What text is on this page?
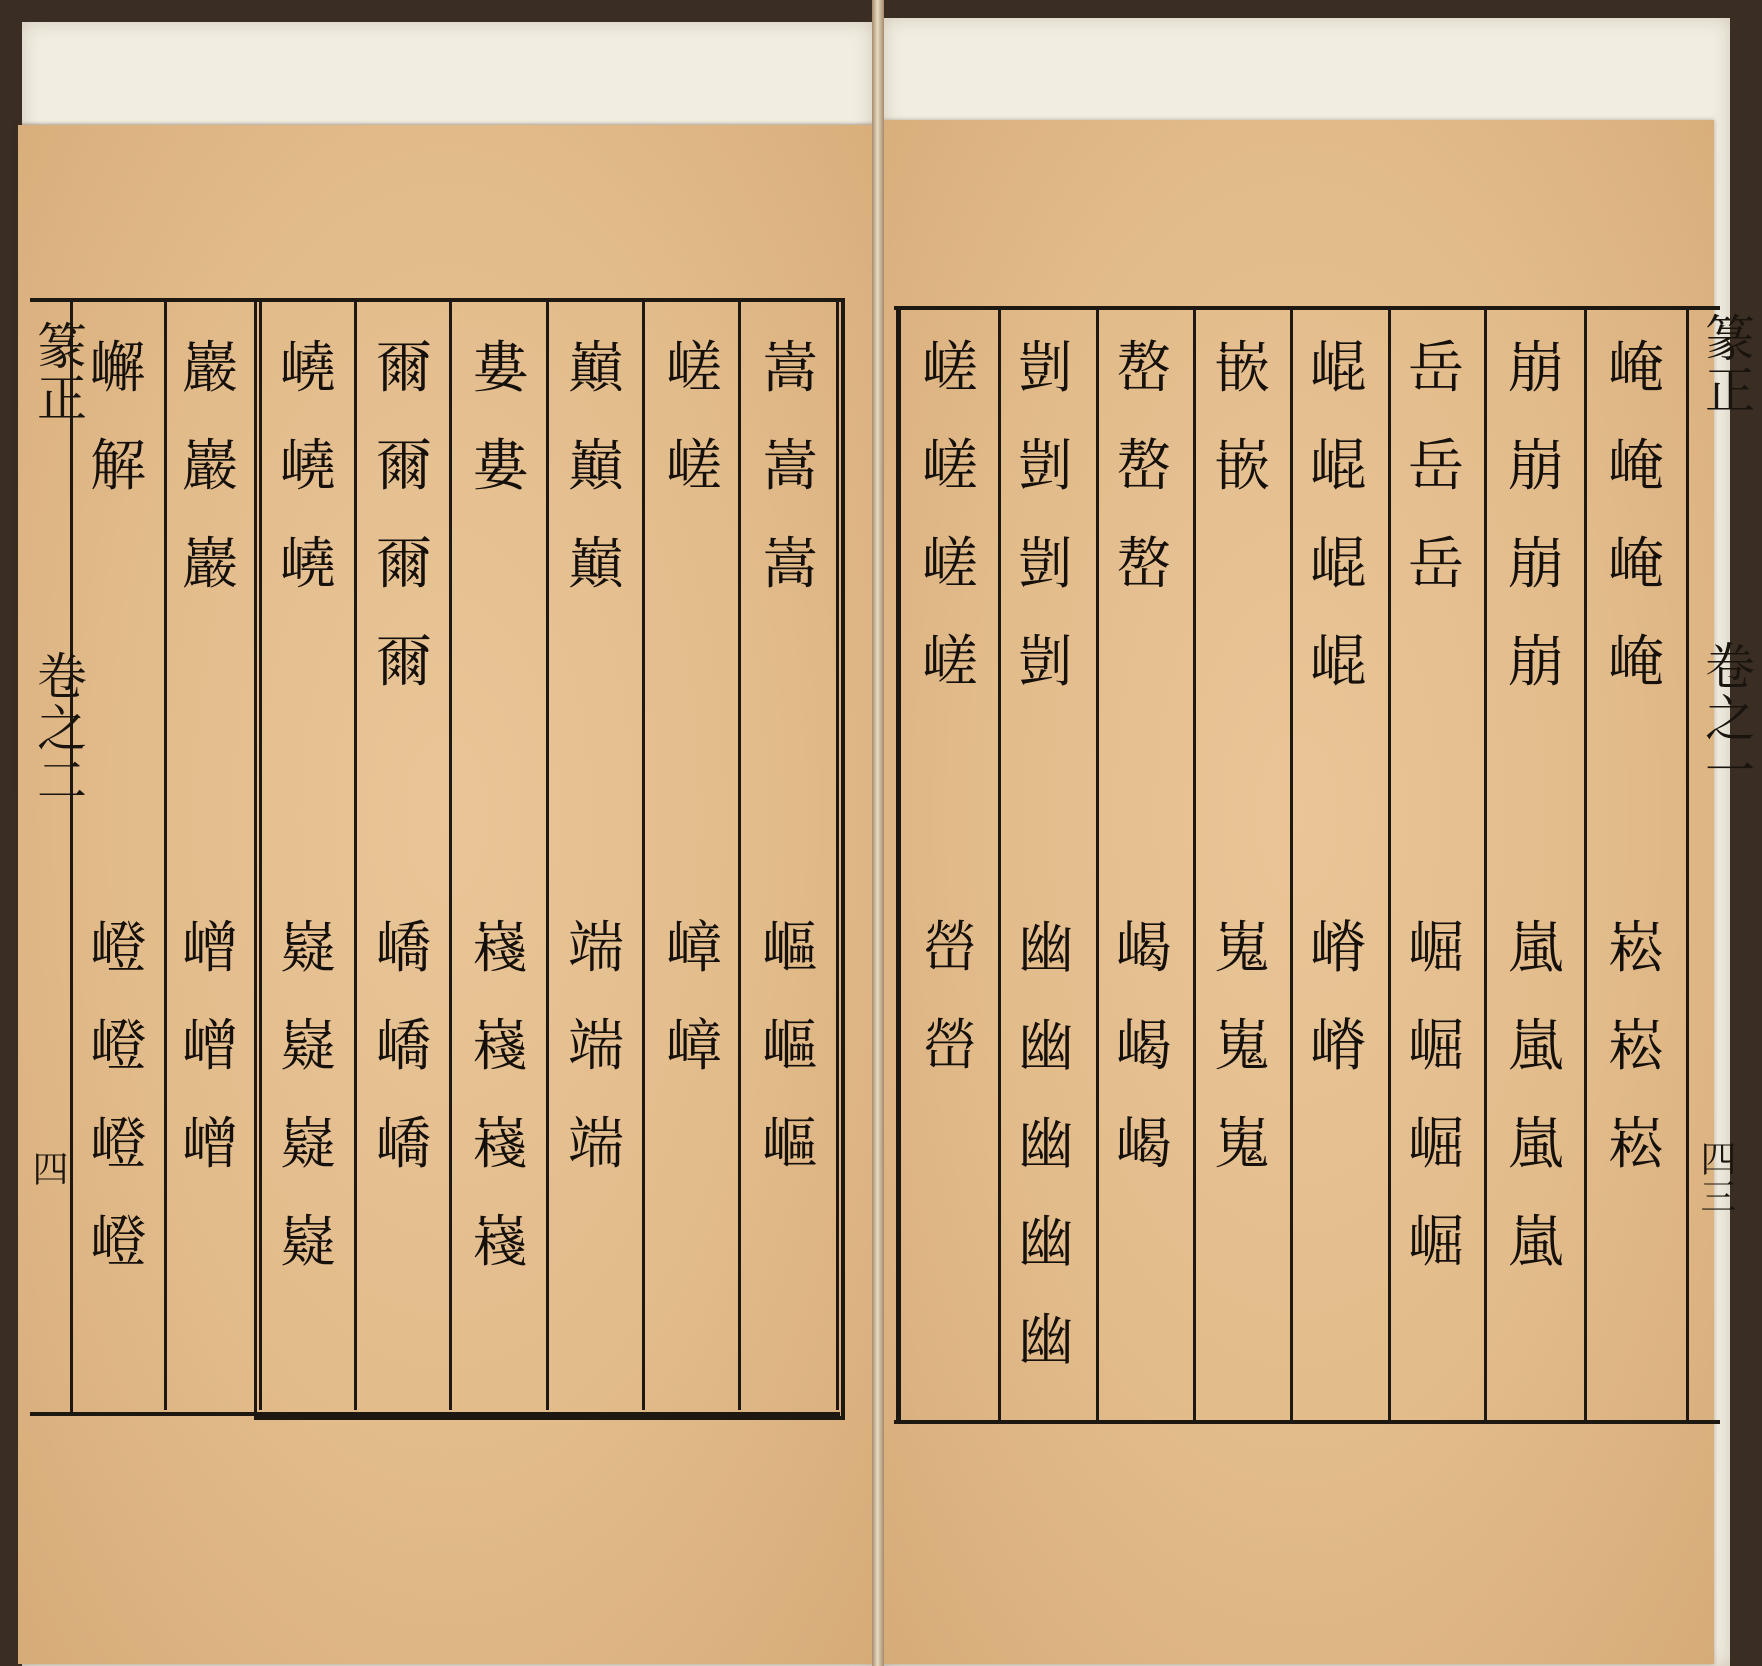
篆正
卷之二
四
篆正
卷之一
四三
嵩
嵩
嵩
嶇
嶇
嶇
嵯
嵯
嶂
嶂
巔
巔
巔
端
端
端
婁
婁
嶘
嶘
嶘
嶘
爾
爾
爾
爾
嶠
嶠
嶠
嶢
嶢
嶢
嶷
嶷
嶷
嶷
巖
巖
巖
嶒
嶒
嶒
嶰
解
嶝
嶝
嶝
嶝
崦
崦
崦
崦
崧
崧
崧
崩
崩
崩
崩
嵐
嵐
嵐
嵐
岳
岳
岳
崛
崛
崛
崛
崐
崐
崐
崐
嵴
嵴
嵌
嵌
嵬
嵬
嵬
嶅
嶅
嶅
嵑
嵑
嵑
剴
剴
剴
剴
幽
幽
幽
幽
幽
嵯
嵯
嵯
嵯
嵤
嵤
